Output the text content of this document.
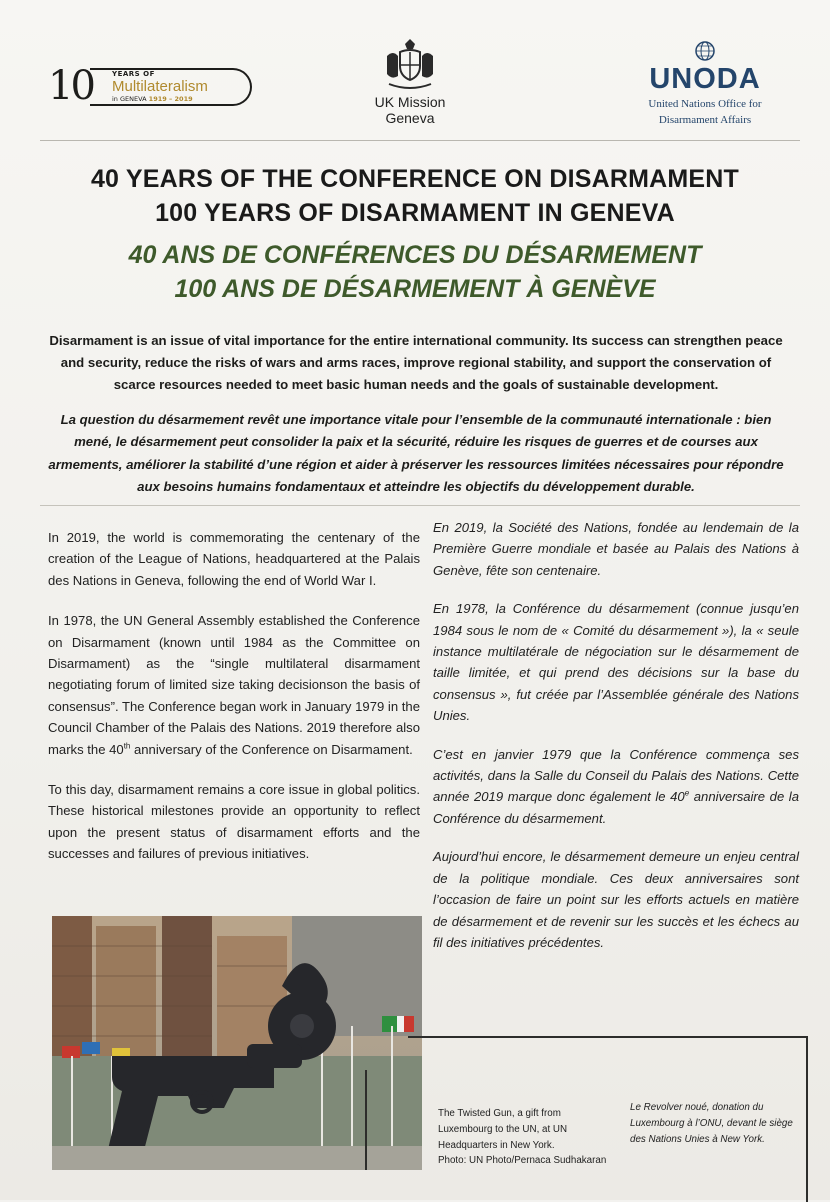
10	YEARS OF
Multilateralism
in GENEVA 1919 – 2019	UK Mission
Geneva
UNODA
United Nations Office for
Disarmament Affairs
40 YEARS OF THE CONFERENCE ON DISARMAMENT
100 YEARS OF DISARMAMENT IN GENEVA
40 ANS DE CONFÉRENCES DU DÉSARMEMENT
100 ANS DE DÉSARMEMENT À GENÈVE
Disarmament is an issue of vital importance for the entire international community. Its success can strengthen peace and security, reduce the risks of wars and arms races, improve regional stability, and support the conservation of scarce resources needed to meet basic human needs and the goals of sustainable development.
La question du désarmement revêt une importance vitale pour l’ensemble de la communauté internationale : bien mené, le désarmement peut consolider la paix et la sécurité, réduire les risques de guerres et de courses aux armements, améliorer la stabilité d’une région et aider à préserver les ressources limitées nécessaires pour répondre aux besoins humains fondamentaux et atteindre les objectifs du développement durable.

In 2019, the world is commemorating the centenary of the creation of the League of Nations, headquartered at the Palais des Nations in Geneva, following the end of World War I.

In 1978, the UN General Assembly established the Conference on Disarmament (known until 1984 as the Committee on Disarmament) as the “single multilateral disarmament negotiating forum of limited size taking decisionson the basis of consensus”. The Conference began work in January 1979 in the Council Chamber of the Palais des Nations. 2019 therefore also marks the 40th anniversary of the Conference on Disarmament.

To this day, disarmament remains a core issue in global politics. These historical milestones provide an opportunity to reflect upon the present status of disarmament efforts and the successes and failures of previous initiatives.

En 2019, la Société des Nations, fondée au lendemain de la Première Guerre mondiale et basée au Palais des Nations à Genève, fête son centenaire.

En 1978, la Conférence du désarmement (connue jusqu’en 1984 sous le nom de « Comité du désarmement »), la « seule instance multilatérale de négociation sur le désarmement de taille limitée, et qui prend des décisions sur la base du consensus », fut créée par l’Assemblée générale des Nations Unies.

C’est en janvier 1979 que la Conférence commença ses activités, dans la Salle du Conseil du Palais des Nations. Cette année 2019 marque donc également le 40e anniversaire de la Conférence du désarmement.

Aujourd’hui encore, le désarmement demeure un enjeu central de la politique mondiale. Ces deux anniversaires sont l’occasion de faire un point sur les efforts actuels en matière de désarmement et de revenir sur les succès et les échecs au fil des initiatives précédentes.

The Twisted Gun, a gift from Luxembourg to the UN, at UN Headquarters in New York.
Photo: UN Photo/Pernaca Sudhakaran
Le Revolver noué, donation du Luxembourg à l’ONU, devant le siège des Nations Unies à New York.
